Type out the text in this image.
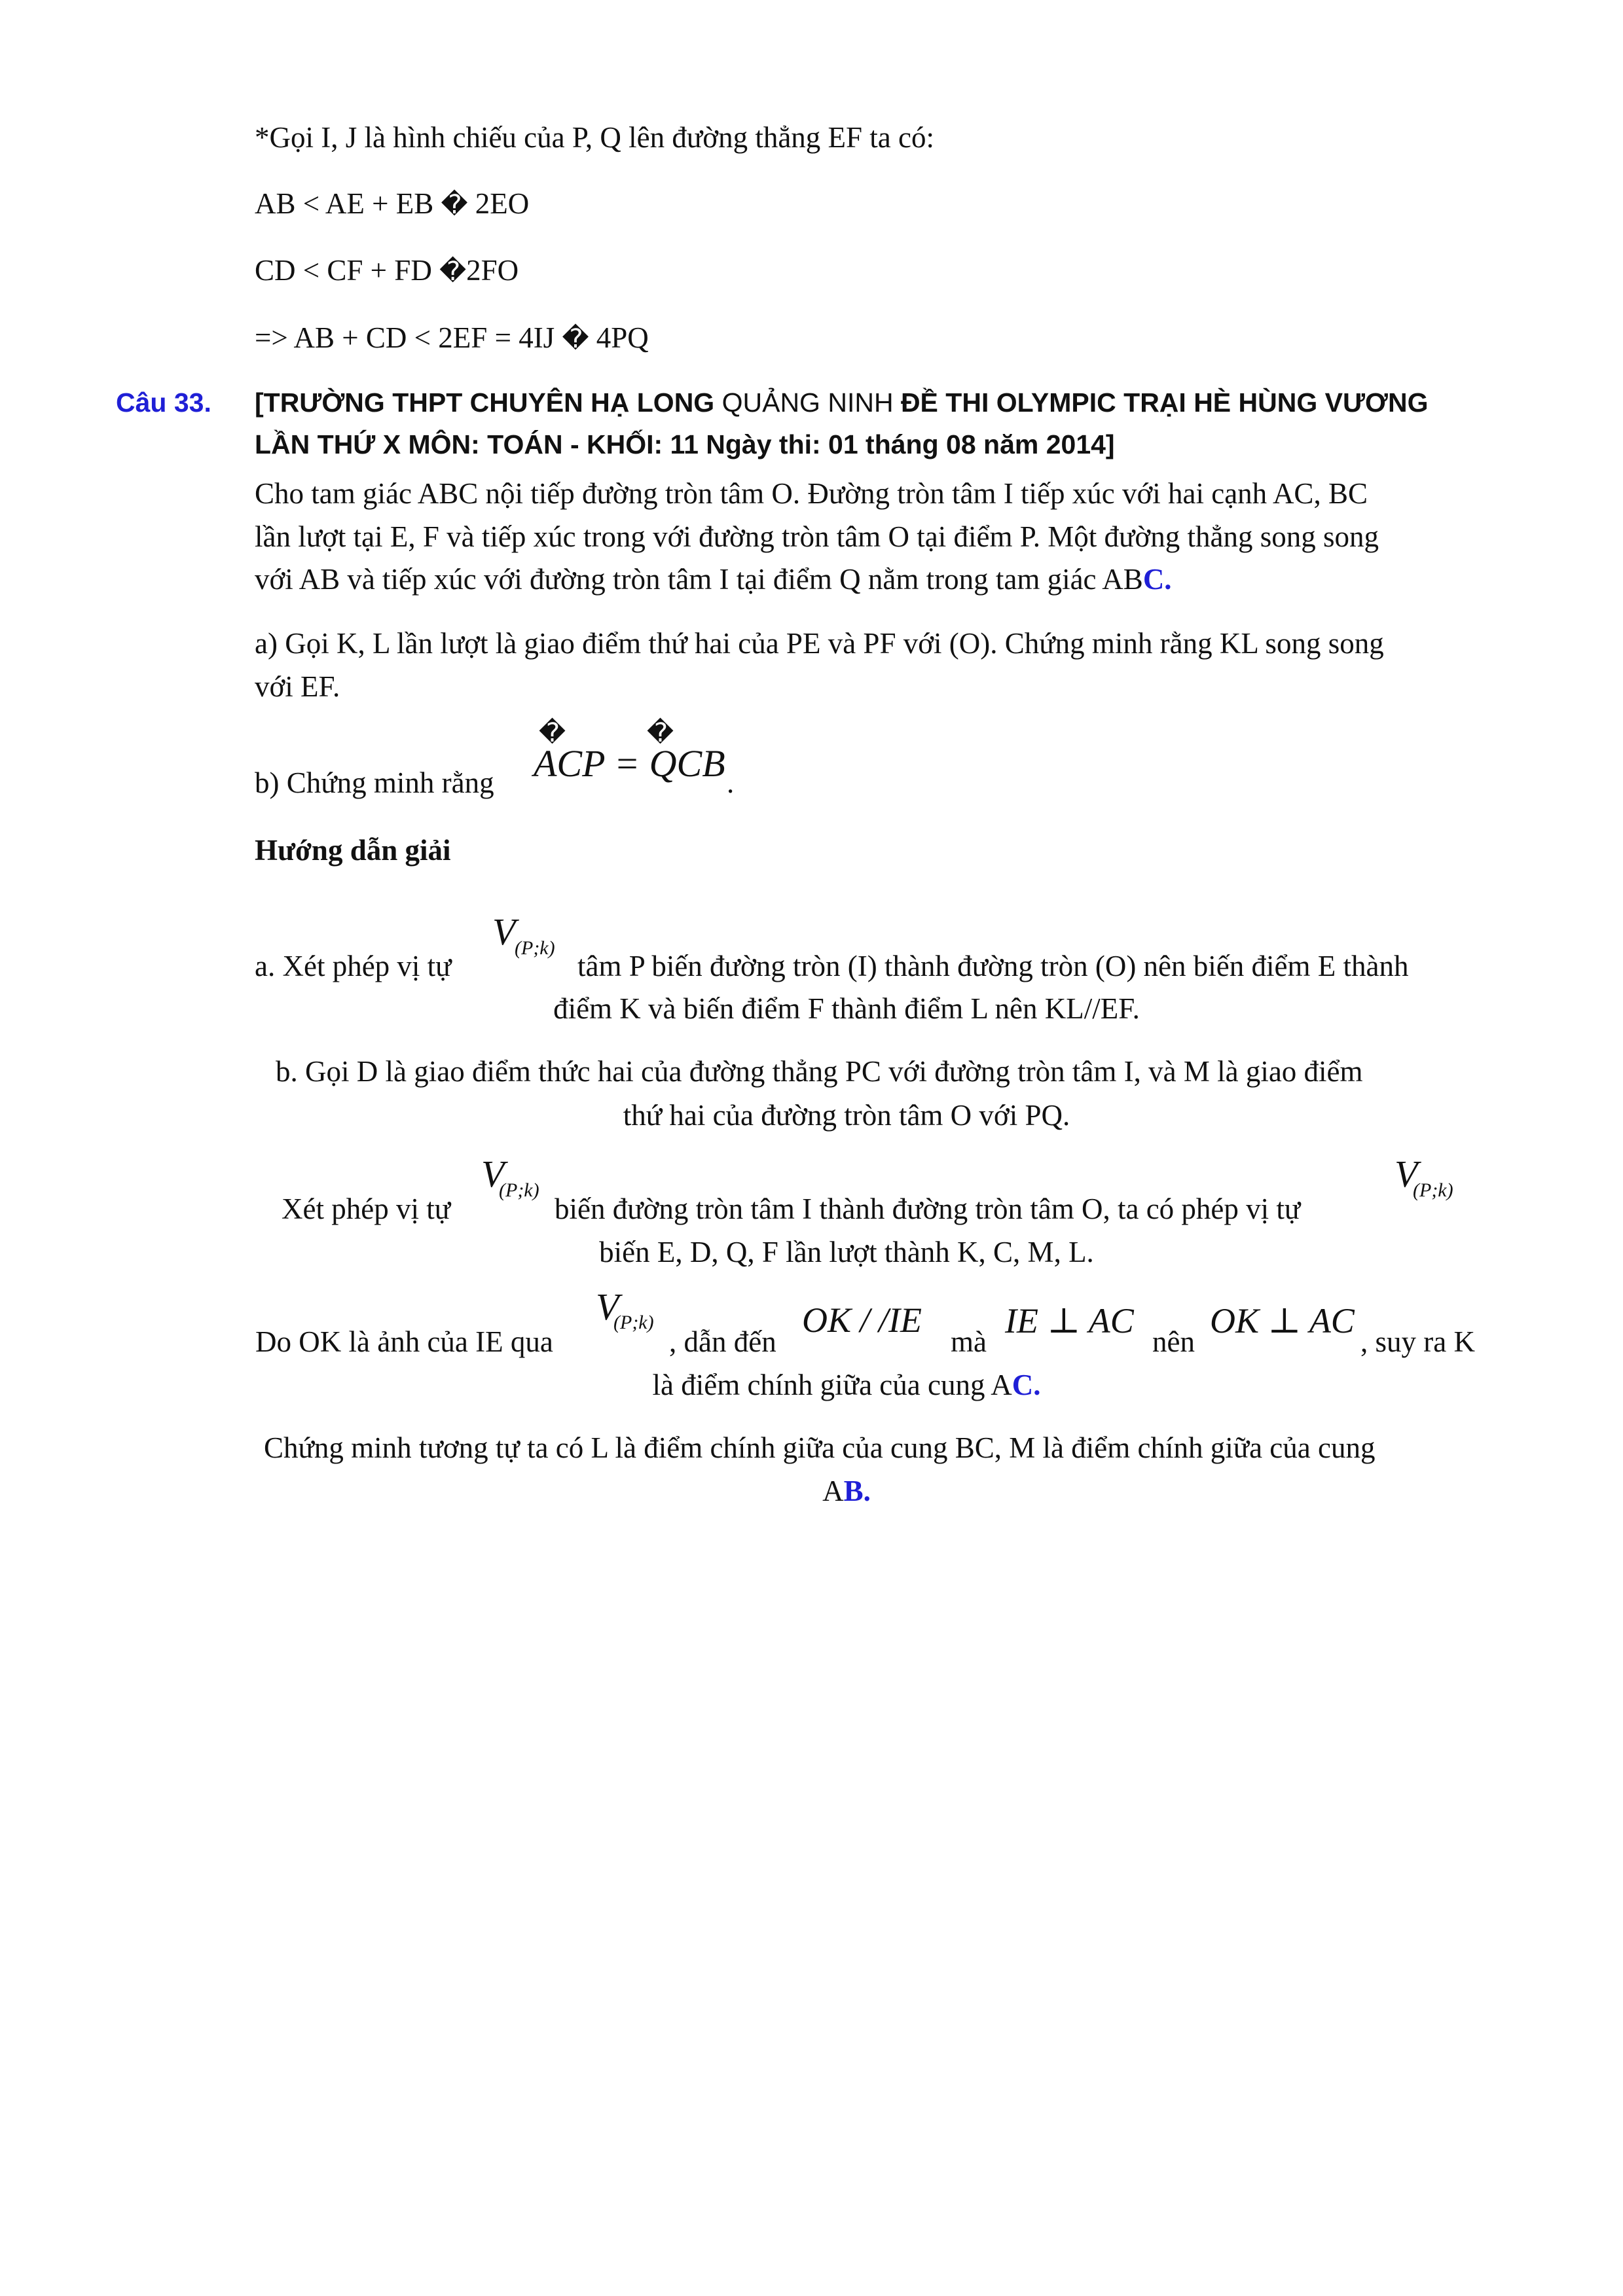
*Gọi I, J là hình chiếu của P, Q lên đường thẳng EF ta có:
AB < AE + EB � 2EO
CD < CF + FD �2FO
=> AB + CD < 2EF = 4IJ � 4PQ
Câu 33. [TRƯỜNG THPT CHUYÊN HẠ LONG QUẢNG NINH ĐỀ THI OLYMPIC TRẠI HÈ HÙNG VƯƠNG
LẦN THỨ X MÔN: TOÁN - KHỐI: 11 Ngày thi: 01 tháng 08 năm 2014]
Cho tam giác ABC nội tiếp đường tròn tâm O. Đường tròn tâm I tiếp xúc với hai cạnh AC, BC
lần lượt tại E, F và tiếp xúc trong với đường tròn tâm O tại điểm P. Một đường thẳng song song
với AB và tiếp xúc với đường tròn tâm I tại điểm Q nằm trong tam giác ABC.
a) Gọi K, L lần lượt là giao điểm thứ hai của PE và PF với (O). Chứng minh rằng KL song song
với EF.
b) Chứng minh rằng ACP = QCB
�	�
.
Hướng dẫn giải
a. Xét phép vị tự
V
(P;k)
tâm P biến đường tròn (I) thành đường tròn (O) nên biến điểm E thành
điểm K và biến điểm F thành điểm L nên KL//EF.
b. Gọi D là giao điểm thức hai của đường thẳng PC với đường tròn tâm I, và M là giao điểm
thứ hai của đường tròn tâm O với PQ.
Xét phép vị tự
V
(P;k)
biến đường tròn tâm I thành đường tròn tâm O, ta có phép vị tự
V
(P;k)
biến E, D, Q, F lần lượt thành K, C, M, L.
Do OK là ảnh của IE qua
V
(P;k)
, dẫn đến
OK / /IE
mà
IE ⊥ AC
nên
OK ⊥ AC
, suy ra K
là điểm chính giữa của cung AC.
Chứng minh tương tự ta có L là điểm chính giữa của cung BC, M là điểm chính giữa của cung
AB.
